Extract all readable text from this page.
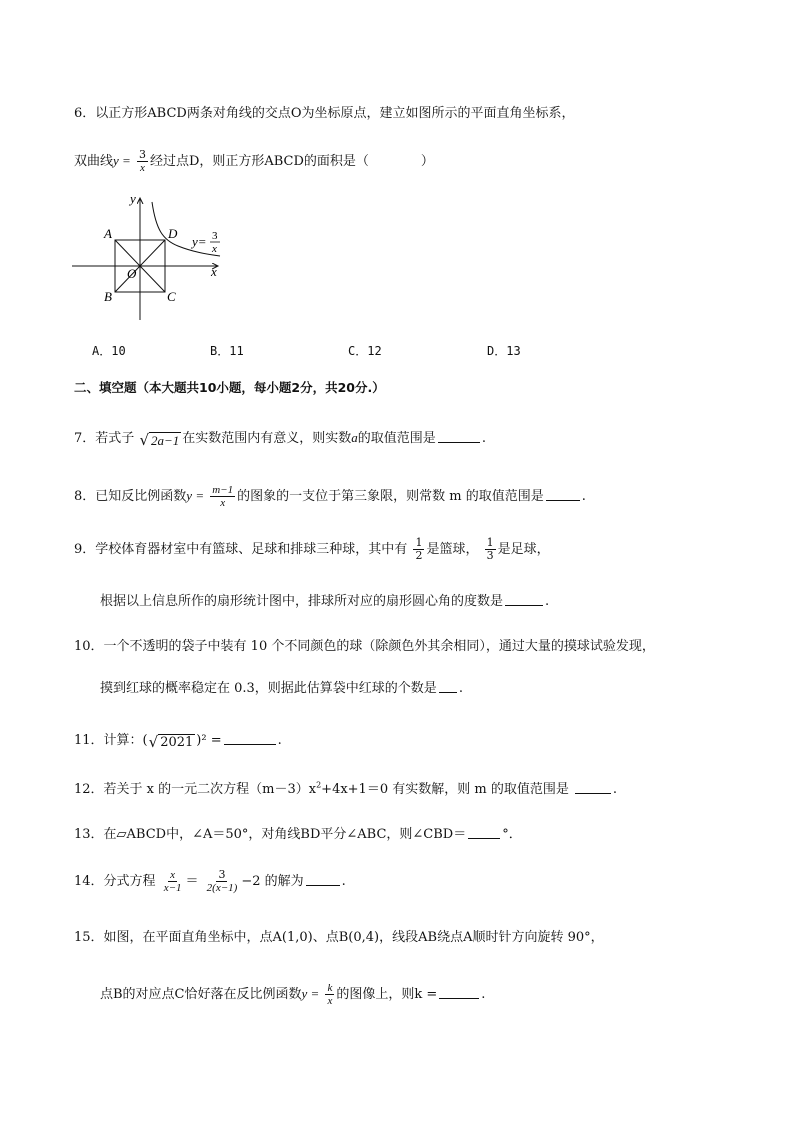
6．以正方形ABCD两条对角线的交点O为坐标原点，建立如图所示的平面直角坐标系，
双曲线$y = \frac{3}{x}$ 经过点D，则正方形ABCD的面积是（　　　　）
y
x
A
B	C
D
O
y= 3
x
A．10	B．11	C．12	D．13
二、填空题（本大题共10小题，每小题2分，共20分.）
7．若式子 √ 2a−1 在实数范围内有意义，则实数a的取值范围是	.
8．已知反比例函数$y = \frac{m-1}{x}$ 的图象的一支位于第三象限，则常数 m 的取值范围是	.
9．学校体育器材室中有篮球、足球和排球三种球，其中有 $\frac{1}{2}$ 是篮球， $\frac{1}{3}$ 是足球，
根据以上信息所作的扇形统计图中，排球所对应的扇形圆心角的度数是	.
10．一个不透明的袋子中装有 10 个不同颜色的球（除颜色外其余相同），通过大量的摸球试验发现，
摸到红球的概率稳定在 0.3，则据此估算袋中红球的个数是 .
11．计算：( √ 2021 )² =	.
12．若关于 x 的一元二次方程$(m-3)x^2+4x+1=0$ 有实数解，则 m 的取值范围是	.
13．在▱ABCD中，∠A＝50°，对角线BD平分∠ABC，则∠CBD＝	°．
14．分式方程 $\frac{x}{x-1} = \frac{3}{2(x-1)} -2$ 的解为	.
15．如图，在平面直角坐标中，点A(1,0)、点B(0,4)，线段AB绕点A顺时针方向旋转 90°，
点B的对应点C恰好落在反比例函数$y = \frac{k}{x}$ 的图像上，则k =	.
